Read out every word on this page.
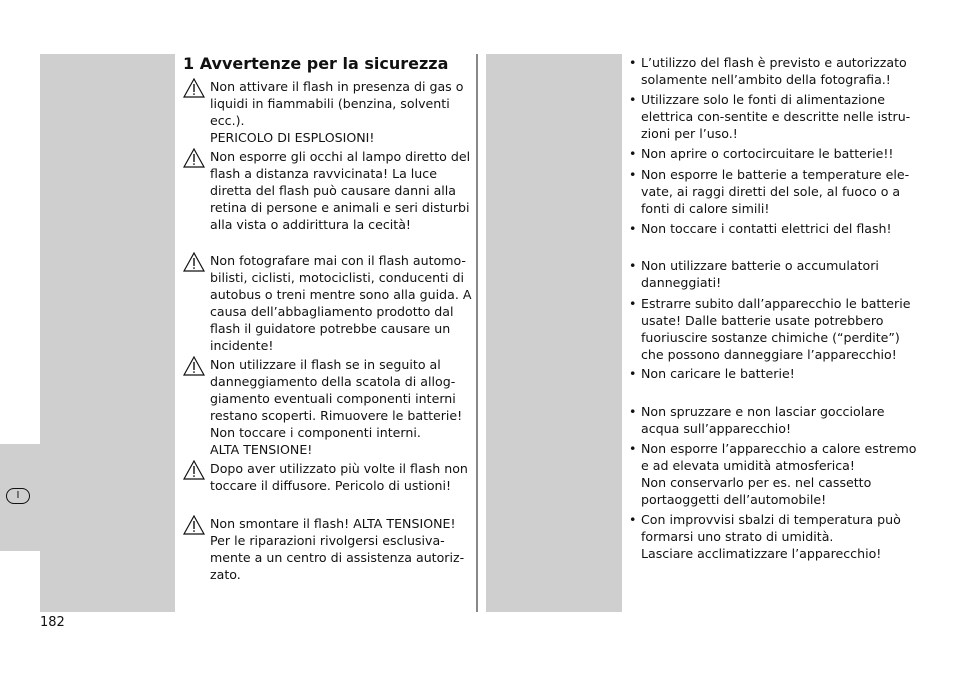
I
1 Avvertenze per la sicurezza
Non attivare il flash in presenza di gas o liquidi in fiammabili (benzina, solventi ecc.).
PERICOLO DI ESPLOSIONI!
Non esporre gli occhi al lampo diretto del flash a distanza ravvicinata! La luce diretta del flash può causare danni alla retina di persone e animali e seri disturbi alla vista o addirittura la cecità!
Non fotografare mai con il flash automo-bilisti, ciclisti, motociclisti, conducenti di autobus o treni mentre sono alla guida. A causa dell’abbagliamento prodotto dal flash il guidatore potrebbe causare un incidente!
Non utilizzare il flash se in seguito al danneggiamento della scatola di allog-giamento eventuali componenti interni restano scoperti. Rimuovere le batterie! Non toccare i componenti interni.
ALTA TENSIONE!
Dopo aver utilizzato più volte il flash non toccare il diffusore. Pericolo di ustioni!
Non smontare il flash! ALTA TENSIONE! Per le riparazioni rivolgersi esclusiva-mente a un centro di assistenza autoriz-zato.
• L’utilizzo del flash è previsto e autorizzato solamente nell’ambito della fotografia.!
• Utilizzare solo le fonti di alimentazione elettrica con-sentite e descritte nelle istru-zioni per l’uso.!
• Non aprire o cortocircuitare le batterie!!
• Non esporre le batterie a temperature ele-vate, ai raggi diretti del sole, al fuoco o a fonti di calore simili!
• Non toccare i contatti elettrici del flash!
• Non utilizzare batterie o accumulatori danneggiati!
• Estrarre subito dall’apparecchio le batterie usate! Dalle batterie usate potrebbero fuoriuscire sostanze chimiche (“perdite”) che possono danneggiare l’apparecchio!
• Non caricare le batterie!
• Non spruzzare e non lasciar gocciolare acqua sull’apparecchio!
• Non esporre l’apparecchio a calore estremo e ad elevata umidità atmosferica!
Non conservarlo per es. nel cassetto portaoggetti dell’automobile!
• Con improvvisi sbalzi di temperatura può formarsi uno strato di umidità.
Lasciare acclimatizzare l’apparecchio!
182
